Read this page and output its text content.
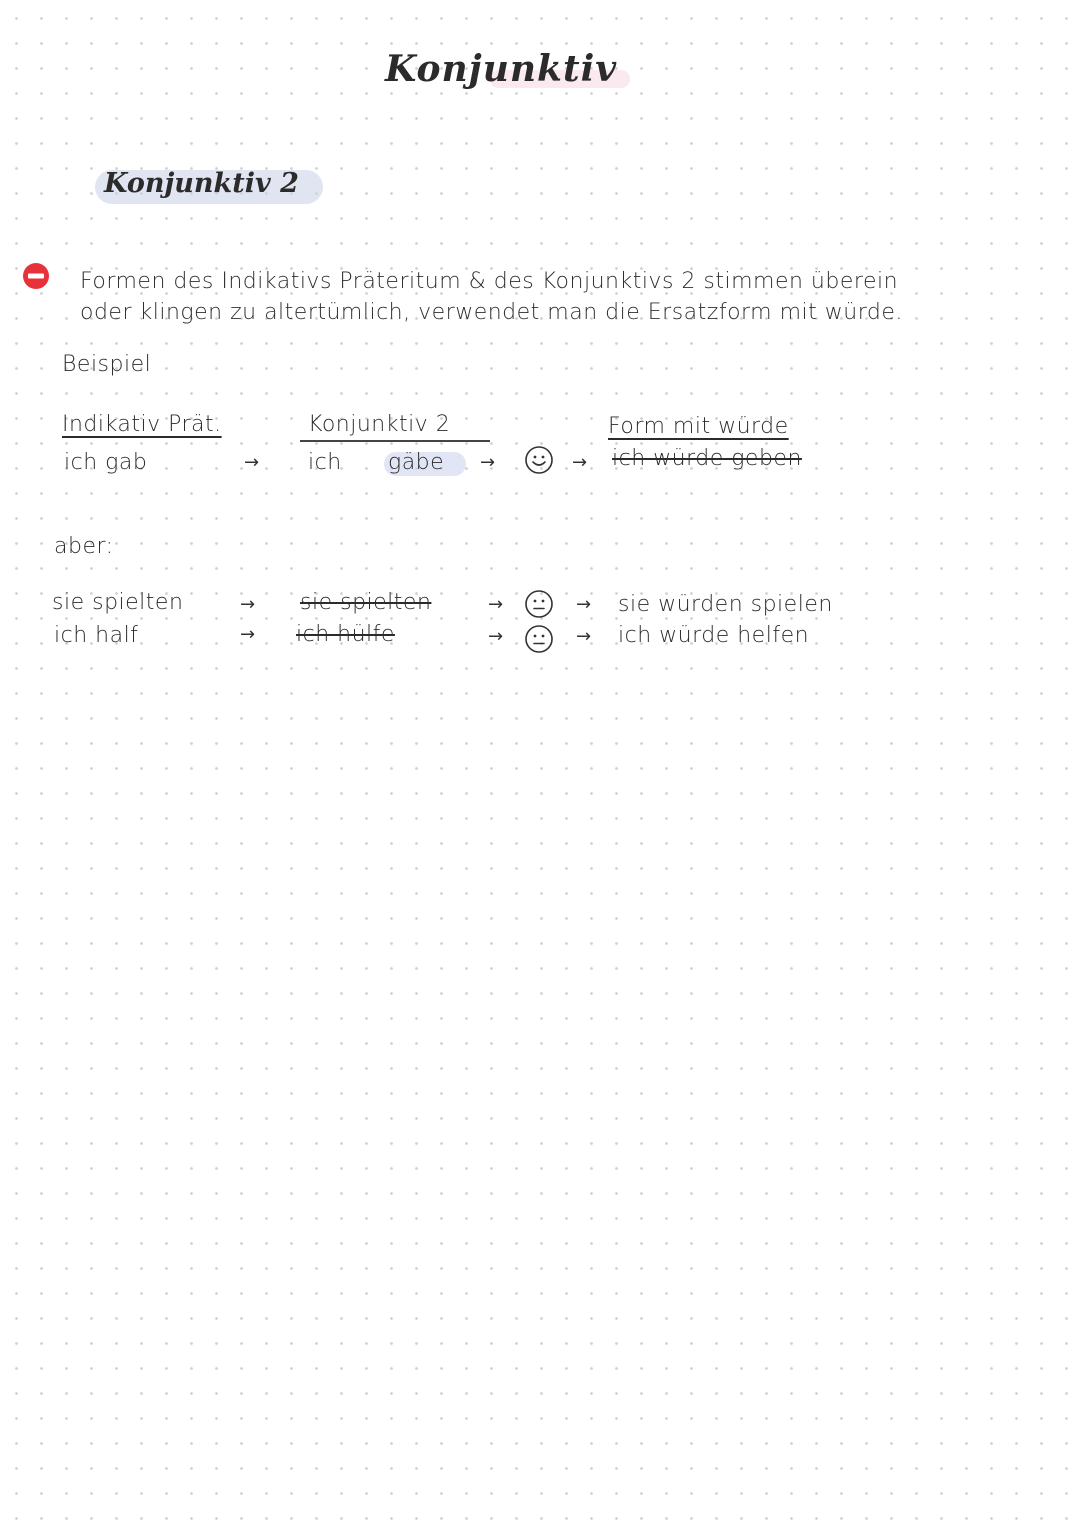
Konjunktiv
Konjunktiv 2
Formen des Indikativs Präteritum & des Konjunktivs 2 stimmen überein
oder klingen zu altertümlich, verwendet man die Ersatzform mit würde.
Beispiel
Indikativ Prät.	Konjunktiv 2	Form mit würde
ich gab	→ ich gäbe →	→ ich würde geben
aber:
sie spielten	→ sie spielten	→	→ sie würden spielen
ich half	→ ich hülfe	→	→ ich würde helfen
